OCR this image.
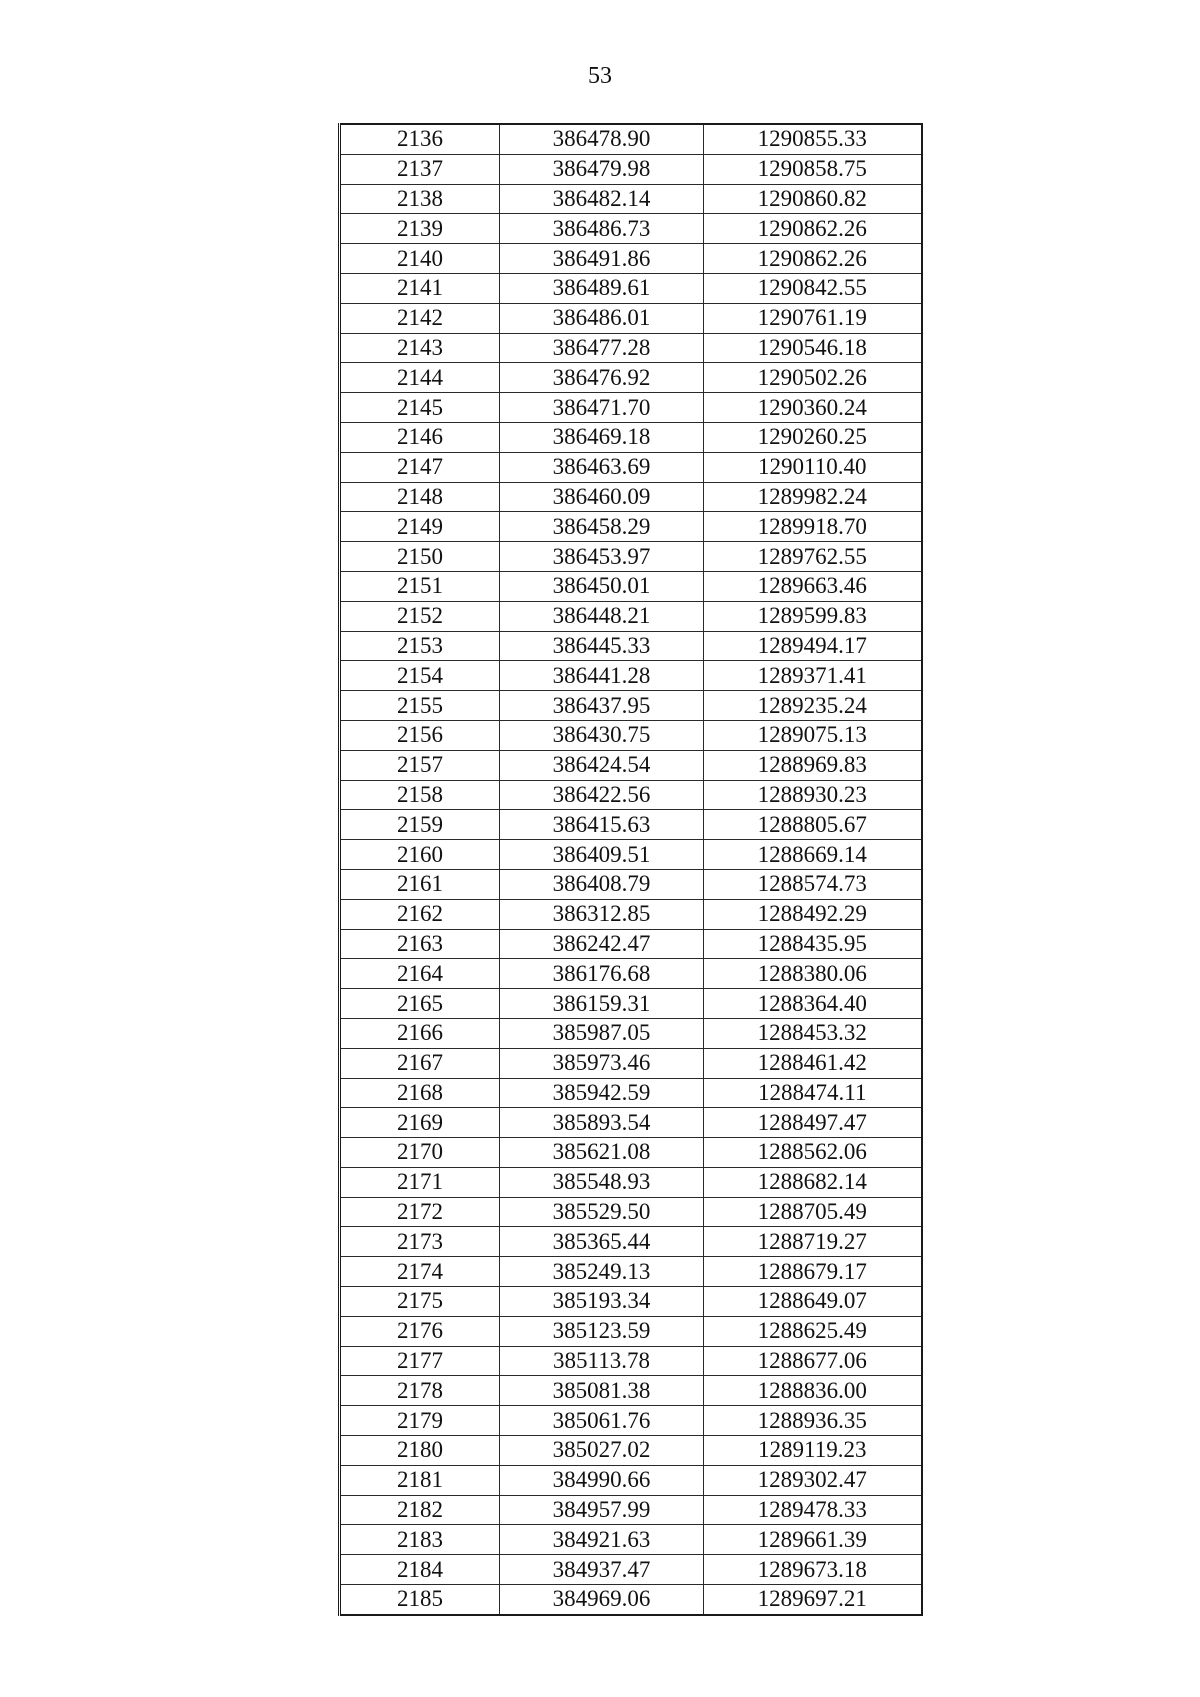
53
2136	386478.90	1290855.33
2137	386479.98	1290858.75
2138	386482.14	1290860.82
2139	386486.73	1290862.26
2140	386491.86	1290862.26
2141	386489.61	1290842.55
2142	386486.01	1290761.19
2143	386477.28	1290546.18
2144	386476.92	1290502.26
2145	386471.70	1290360.24
2146	386469.18	1290260.25
2147	386463.69	1290110.40
2148	386460.09	1289982.24
2149	386458.29	1289918.70
2150	386453.97	1289762.55
2151	386450.01	1289663.46
2152	386448.21	1289599.83
2153	386445.33	1289494.17
2154	386441.28	1289371.41
2155	386437.95	1289235.24
2156	386430.75	1289075.13
2157	386424.54	1288969.83
2158	386422.56	1288930.23
2159	386415.63	1288805.67
2160	386409.51	1288669.14
2161	386408.79	1288574.73
2162	386312.85	1288492.29
2163	386242.47	1288435.95
2164	386176.68	1288380.06
2165	386159.31	1288364.40
2166	385987.05	1288453.32
2167	385973.46	1288461.42
2168	385942.59	1288474.11
2169	385893.54	1288497.47
2170	385621.08	1288562.06
2171	385548.93	1288682.14
2172	385529.50	1288705.49
2173	385365.44	1288719.27
2174	385249.13	1288679.17
2175	385193.34	1288649.07
2176	385123.59	1288625.49
2177	385113.78	1288677.06
2178	385081.38	1288836.00
2179	385061.76	1288936.35
2180	385027.02	1289119.23
2181	384990.66	1289302.47
2182	384957.99	1289478.33
2183	384921.63	1289661.39
2184	384937.47	1289673.18
2185	384969.06	1289697.21
